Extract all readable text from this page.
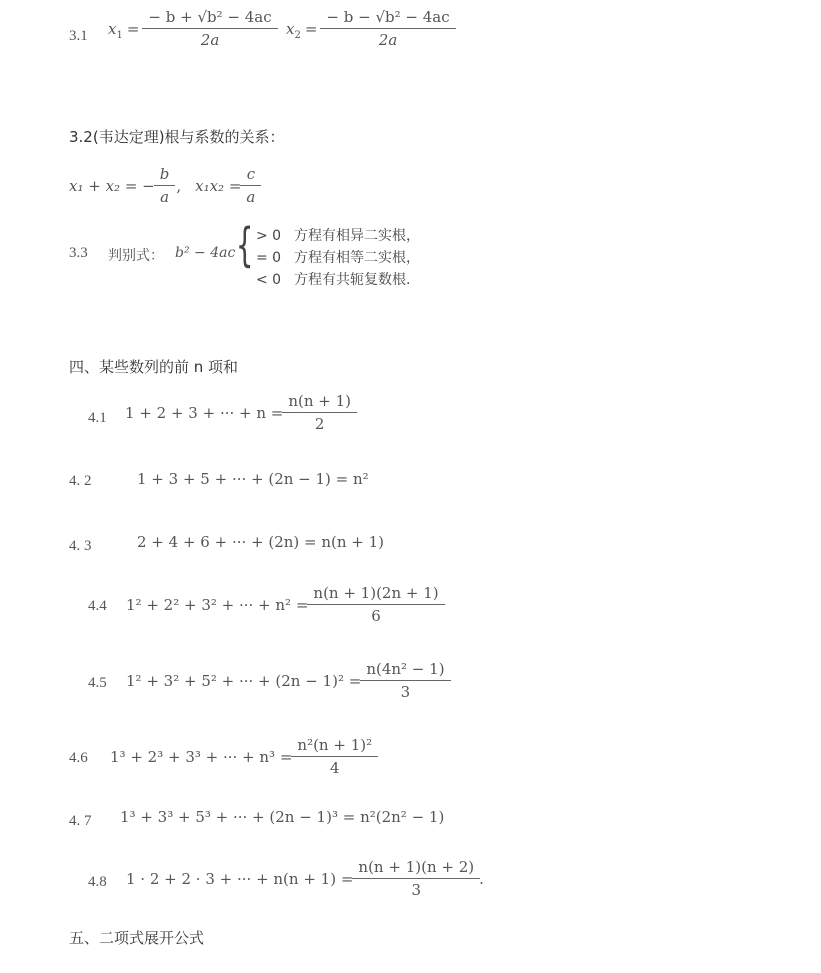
3.1 $x_1 = \frac{\text{− b + √b² − 4ac}}{2a} x_2 = \frac{\text{− b − √b² − 4ac}}{2a}$
3.2(韦达定理)根与系数的关系：
x₁ + x₂ = − $\frac{b}{a}$ , $x_1x_2 = \frac{c}{a}$
3.3 判别式： b² − 4ac { > 0 方程有相异二实根，
= 0 方程有相等二实根，
< 0 方程有共轭复数根.
四、某些数列的前 n 项和
4.1 1 + 2 + 3 + ··· + $n = \frac{n(n + 1)}{2}$
4. 2	1 + 3 + 5 + ··· + (2n − 1) = n²
4. 3	2 + 4 + 6 + ··· + (2n) = n(n + 1)
4.4 1² + 2² + 3² + ··· + $n^2 = \frac{n(n + 1)(2n + 1)}{6}$
4.5 1² + 3² + 5² + ··· + $(2n - 1)^2 = \frac{\text{n(4n² − 1)}}{3}$
4.6 1³ + 2³ + 3³ + ··· + $n^3 = \frac{\text{n²(n + 1)²}}{4}$
4. 7 1³ + 3³ + 5³ + ··· + (2n − 1)³ = n²(2n² − 1)
4.8 1 · 2 + 2 · 3 + ··· + $n(n + 1) = \frac{n(n + 1)(n + 2)}{3}$ .
五、二项式展开公式
